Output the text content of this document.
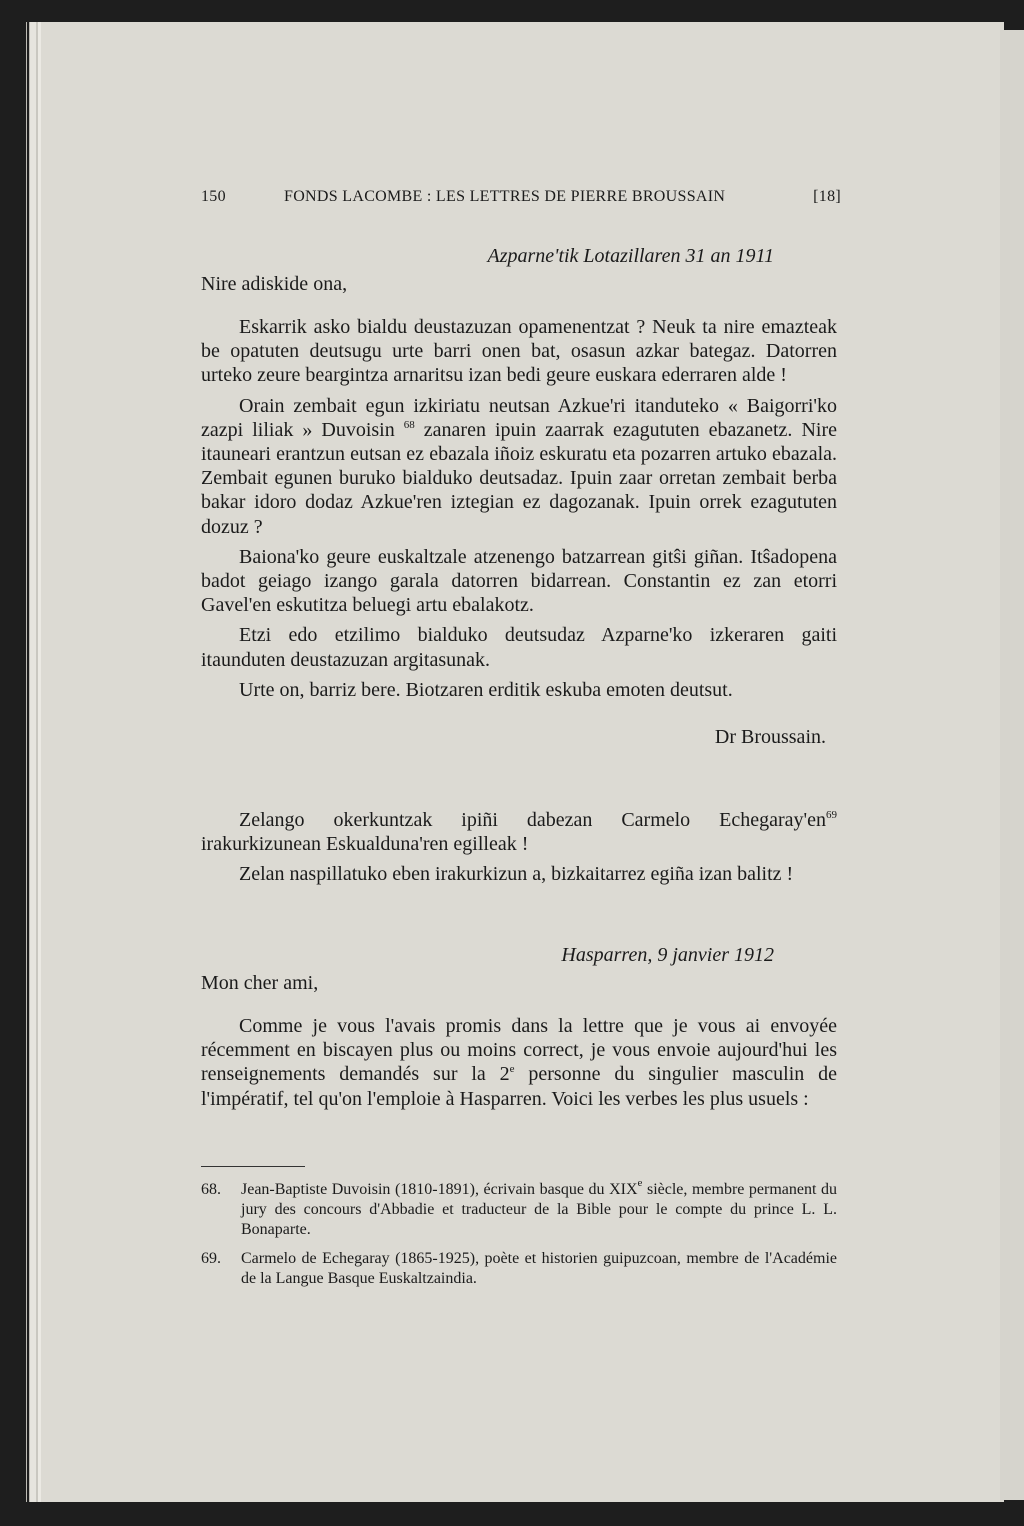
150	FONDS LACOMBE : LES LETTRES DE PIERRE BROUSSAIN	[18]
Azparne'tik Lotazillaren 31 an 1911
Nire adiskide ona,

Eskarrik asko bialdu deustazuzan opamenentzat ? Neuk ta nire emazteak be opatuten deutsugu urte barri onen bat, osasun azkar bategaz. Datorren urteko zeure beargintza arnaritsu izan bedi geure euskara ederraren alde !

Orain zembait egun izkiriatu neutsan Azkue'ri itanduteko « Baigorri'ko zazpi liliak » Duvoisin $^{68}$ zanaren ipuin zaarrak ezagututen ebazanetz. Nire itauneari erantzun eutsan ez ebazala iñoiz eskuratu eta pozarren artuko ebazala. Zembait egunen buruko bialduko deutsadaz. Ipuin zaar orretan zembait berba bakar idoro dodaz Azkue'ren iztegian ez dagozanak. Ipuin orrek ezagututen dozuz ?

Baiona'ko geure euskaltzale atzenengo batzarrean gitŝi giñan. Itŝadopena badot geiago izango garala datorren bidarrean. Constantin ez zan etorri Gavel'en eskutitza beluegi artu ebalakotz.

Etzi edo etzilimo bialduko deutsudaz Azparne'ko izkeraren gaiti itaunduten deustazuzan argitasunak.

Urte on, barriz bere. Biotzaren erditik eskuba emoten deutsut.

Dr Broussain.

Zelango okerkuntzak ipiñi dabezan Carmelo $Echegaray'en^{69}$ irakurkizunean Eskualduna'ren egilleak !

Zelan naspillatuko eben irakurkizun a, bizkaitarrez egiña izan balitz !

Hasparren, 9 janvier 1912
Mon cher ami,

Comme je vous l'avais promis dans la lettre que je vous ai envoyée récemment en biscayen plus ou moins correct, je vous envoie aujourd'hui les renseignements demandés sur la 2e personne du singulier masculin de l'impératif, tel qu'on l'emploie à Hasparren. Voici les verbes les plus usuels :

68. Jean-Baptiste Duvoisin (1810-1891), écrivain basque du XIXe siècle, membre permanent du jury des concours d'Abbadie et traducteur de la Bible pour le compte du prince L. L. Bonaparte.
69. Carmelo de Echegaray (1865-1925), poète et historien guipuzcoan, membre de l'Académie de la Langue Basque Euskaltzaindia.
